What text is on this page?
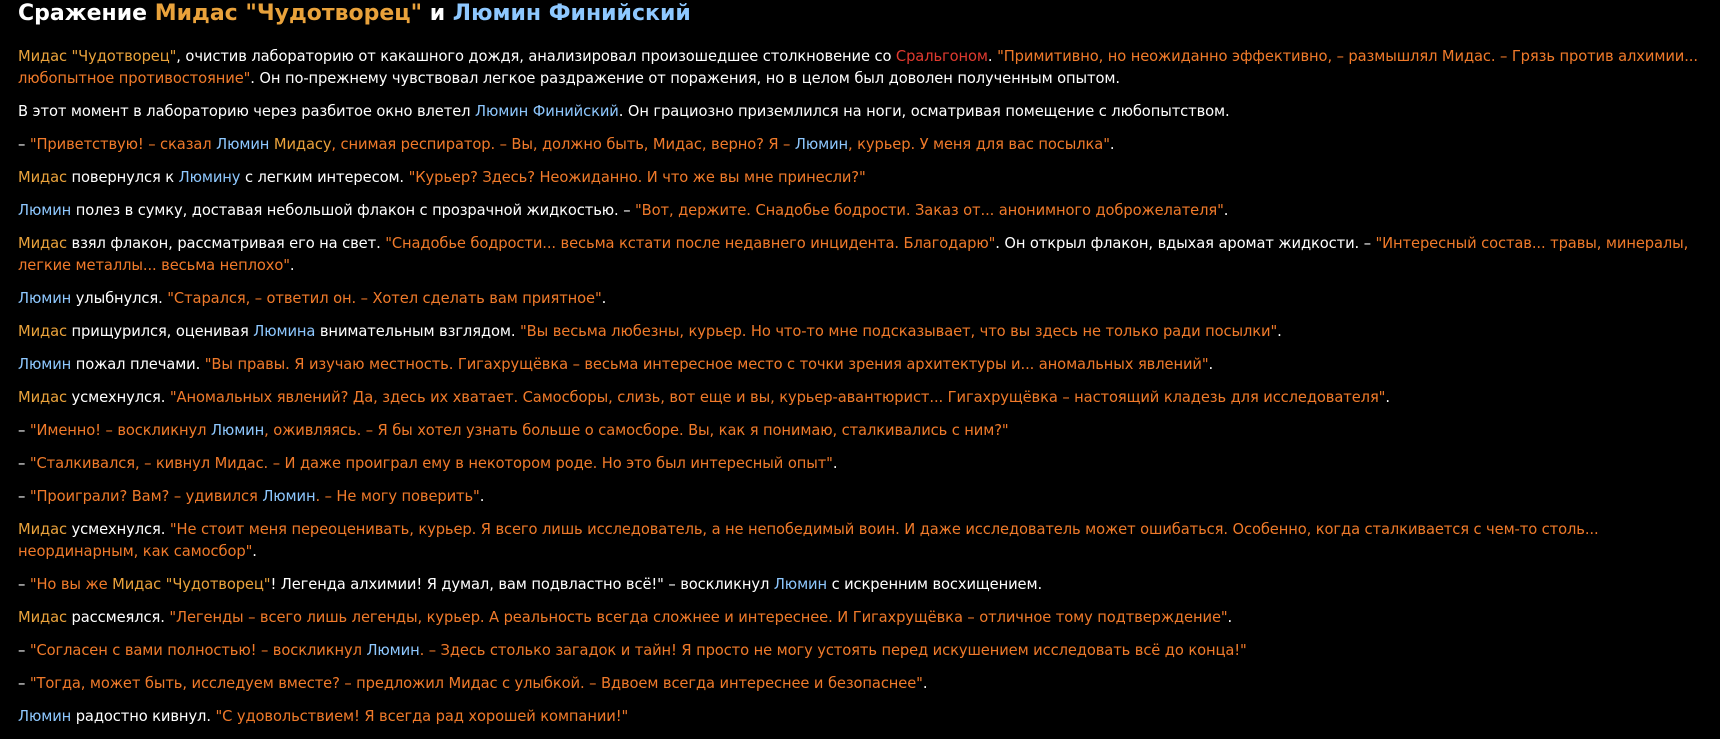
Сражение Мидас "Чудотворец" и Люмин Финийский

Мидас "Чудотворец", очистив лабораторию от какашного дождя, анализировал произошедшее столкновение со Сральгоном. "Примитивно, но неожиданно эффективно, – размышлял Мидас. – Грязь против алхимии... любопытное противостояние". Он по-прежнему чувствовал легкое раздражение от поражения, но в целом был доволен полученным опытом.

В этот момент в лабораторию через разбитое окно влетел Люмин Финийский. Он грациозно приземлился на ноги, осматривая помещение с любопытством.

– "Приветствую! – сказал Люмин Мидасу, снимая респиратор. – Вы, должно быть, Мидас, верно? Я – Люмин, курьер. У меня для вас посылка".

Мидас повернулся к Люмину с легким интересом. "Курьер? Здесь? Неожиданно. И что же вы мне принесли?"

Люмин полез в сумку, доставая небольшой флакон с прозрачной жидкостью. – "Вот, держите. Снадобье бодрости. Заказ от... анонимного доброжелателя".

Мидас взял флакон, рассматривая его на свет. "Снадобье бодрости... весьма кстати после недавнего инцидента. Благодарю". Он открыл флакон, вдыхая аромат жидкости. – "Интересный состав... травы, минералы, легкие металлы... весьма неплохо".

Люмин улыбнулся. "Старался, – ответил он. – Хотел сделать вам приятное".

Мидас прищурился, оценивая Люмина внимательным взглядом. "Вы весьма любезны, курьер. Но что-то мне подсказывает, что вы здесь не только ради посылки".

Люмин пожал плечами. "Вы правы. Я изучаю местность. Гигахрущёвка – весьма интересное место с точки зрения архитектуры и... аномальных явлений".

Мидас усмехнулся. "Аномальных явлений? Да, здесь их хватает. Самосборы, слизь, вот еще и вы, курьер-авантюрист... Гигахрущёвка – настоящий кладезь для исследователя".

– "Именно! – воскликнул Люмин, оживляясь. – Я бы хотел узнать больше о самосборе. Вы, как я понимаю, сталкивались с ним?"

– "Сталкивался, – кивнул Мидас. – И даже проиграл ему в некотором роде. Но это был интересный опыт".

– "Проиграли? Вам? – удивился Люмин. – Не могу поверить".

Мидас усмехнулся. "Не стоит меня переоценивать, курьер. Я всего лишь исследователь, а не непобедимый воин. И даже исследователь может ошибаться. Особенно, когда сталкивается с чем-то столь... неординарным, как самосбор".

– "Но вы же Мидас "Чудотворец"! Легенда алхимии! Я думал, вам подвластно всё!" – воскликнул Люмин с искренним восхищением.

Мидас рассмеялся. "Легенды – всего лишь легенды, курьер. А реальность всегда сложнее и интереснее. И Гигахрущёвка – отличное тому подтверждение".

– "Согласен с вами полностью! – воскликнул Люмин. – Здесь столько загадок и тайн! Я просто не могу устоять перед искушением исследовать всё до конца!"

– "Тогда, может быть, исследуем вместе? – предложил Мидас с улыбкой. – Вдвоем всегда интереснее и безопаснее".

Люмин радостно кивнул. "С удовольствием! Я всегда рад хорошей компании!"
